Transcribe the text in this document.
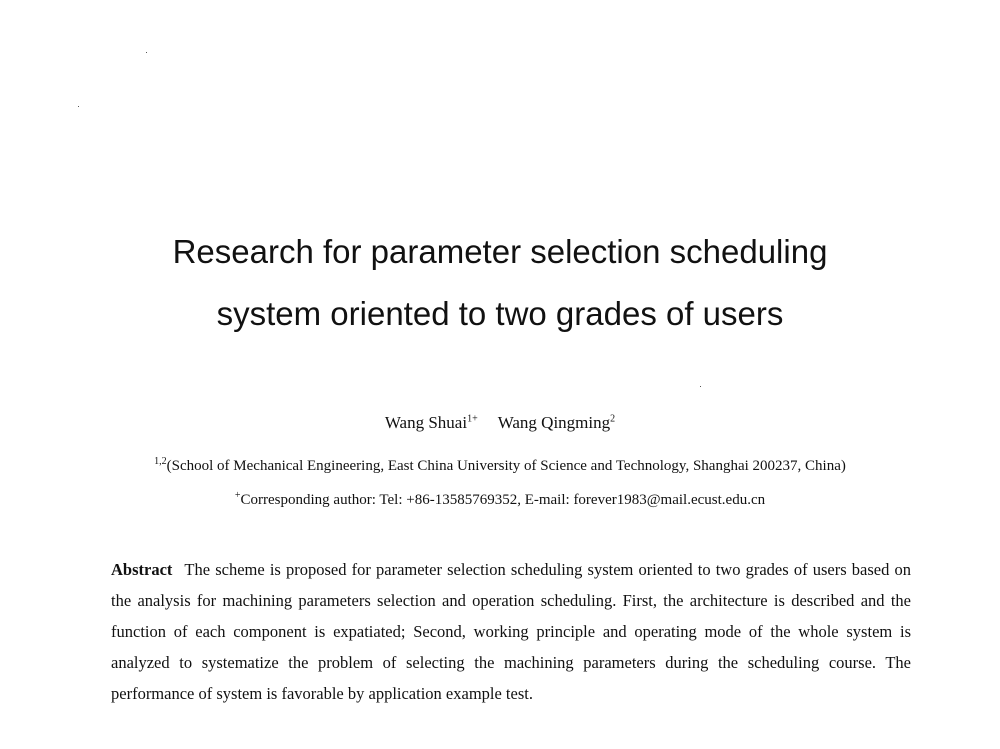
Research for parameter selection scheduling
system oriented to two grades of users
Wang Shuai$^{1+}$ Wang Qingming$^2$
$^{1,2}$(School of Mechanical Engineering, East China University of Science and Technology, Shanghai 200237, China)
+Corresponding author: Tel: +86-13585769352, E-mail: forever1983@mail.ecust.edu.cn

Abstract The scheme is proposed for parameter selection scheduling system oriented to two grades of users based on the analysis for machining parameters selection and operation scheduling. First, the architecture is described and the function of each component is expatiated; Second, working principle and operating mode of the whole system is analyzed to systematize the problem of selecting the machining parameters during the scheduling course. The performance of system is favorable by application example test.
